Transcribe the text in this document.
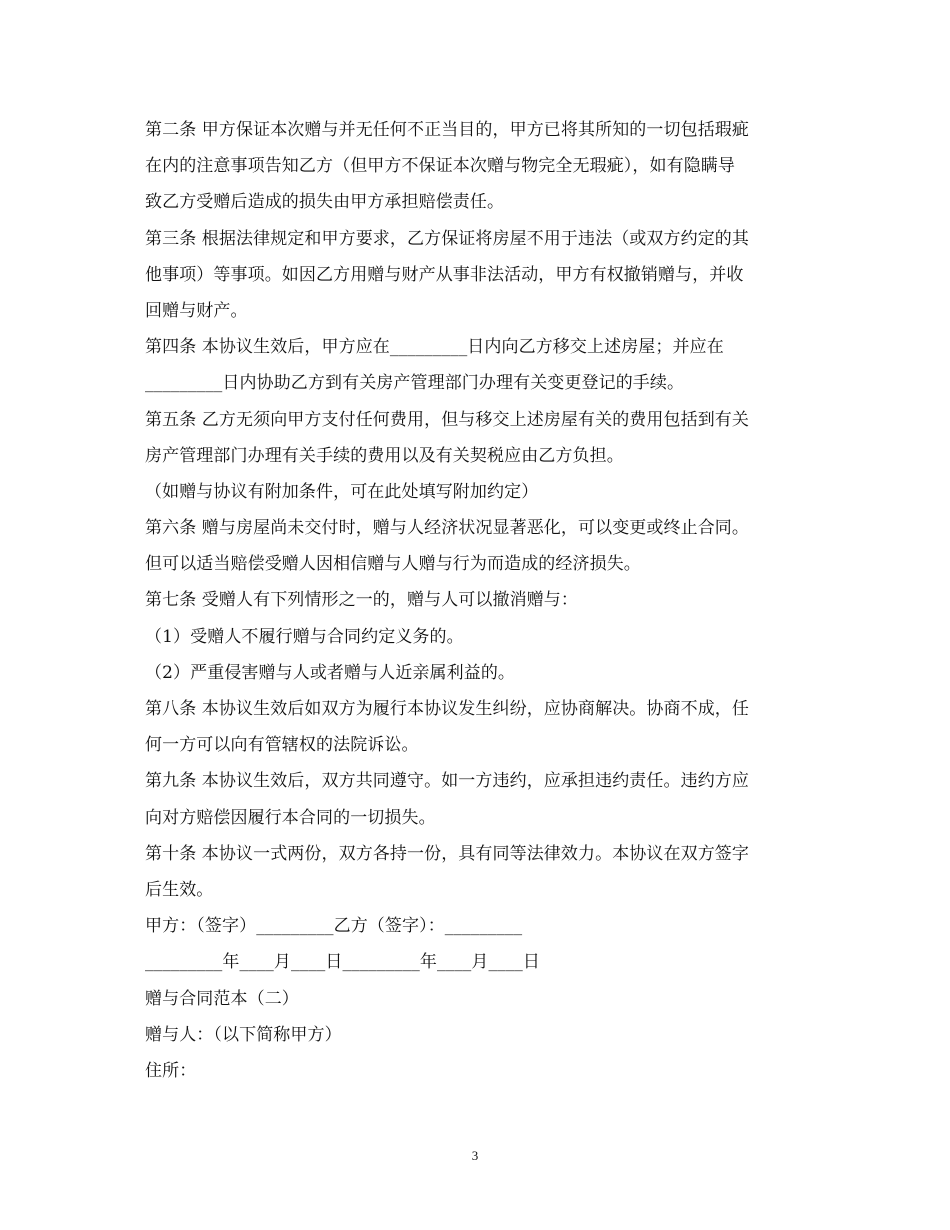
第二条 甲方保证本次赠与并无任何不正当目的，甲方已将其所知的一切包括瑕疵
在内的注意事项告知乙方（但甲方不保证本次赠与物完全无瑕疵），如有隐瞒导
致乙方受赠后造成的损失由甲方承担赔偿责任。
第三条 根据法律规定和甲方要求，乙方保证将房屋不用于违法（或双方约定的其
他事项）等事项。如因乙方用赠与财产从事非法活动，甲方有权撤销赠与，并收
回赠与财产。
第四条 本协议生效后，甲方应在_________日内向乙方移交上述房屋；并应在
_________日内协助乙方到有关房产管理部门办理有关变更登记的手续。
第五条 乙方无须向甲方支付任何费用，但与移交上述房屋有关的费用包括到有关
房产管理部门办理有关手续的费用以及有关契税应由乙方负担。
（如赠与协议有附加条件，可在此处填写附加约定）
第六条 赠与房屋尚未交付时，赠与人经济状况显著恶化，可以变更或终止合同。
但可以适当赔偿受赠人因相信赠与人赠与行为而造成的经济损失。
第七条 受赠人有下列情形之一的，赠与人可以撤消赠与：
（1）受赠人不履行赠与合同约定义务的。
（2）严重侵害赠与人或者赠与人近亲属利益的。
第八条 本协议生效后如双方为履行本协议发生纠纷，应协商解决。协商不成，任
何一方可以向有管辖权的法院诉讼。
第九条 本协议生效后，双方共同遵守。如一方违约，应承担违约责任。违约方应
向对方赔偿因履行本合同的一切损失。
第十条 本协议一式两份，双方各持一份，具有同等法律效力。本协议在双方签字
后生效。
甲方：（签字）_________乙方（签字）：_________
_________年____月____日_________年____月____日
赠与合同范本（二）
赠与人：（以下简称甲方）
住所：
3
